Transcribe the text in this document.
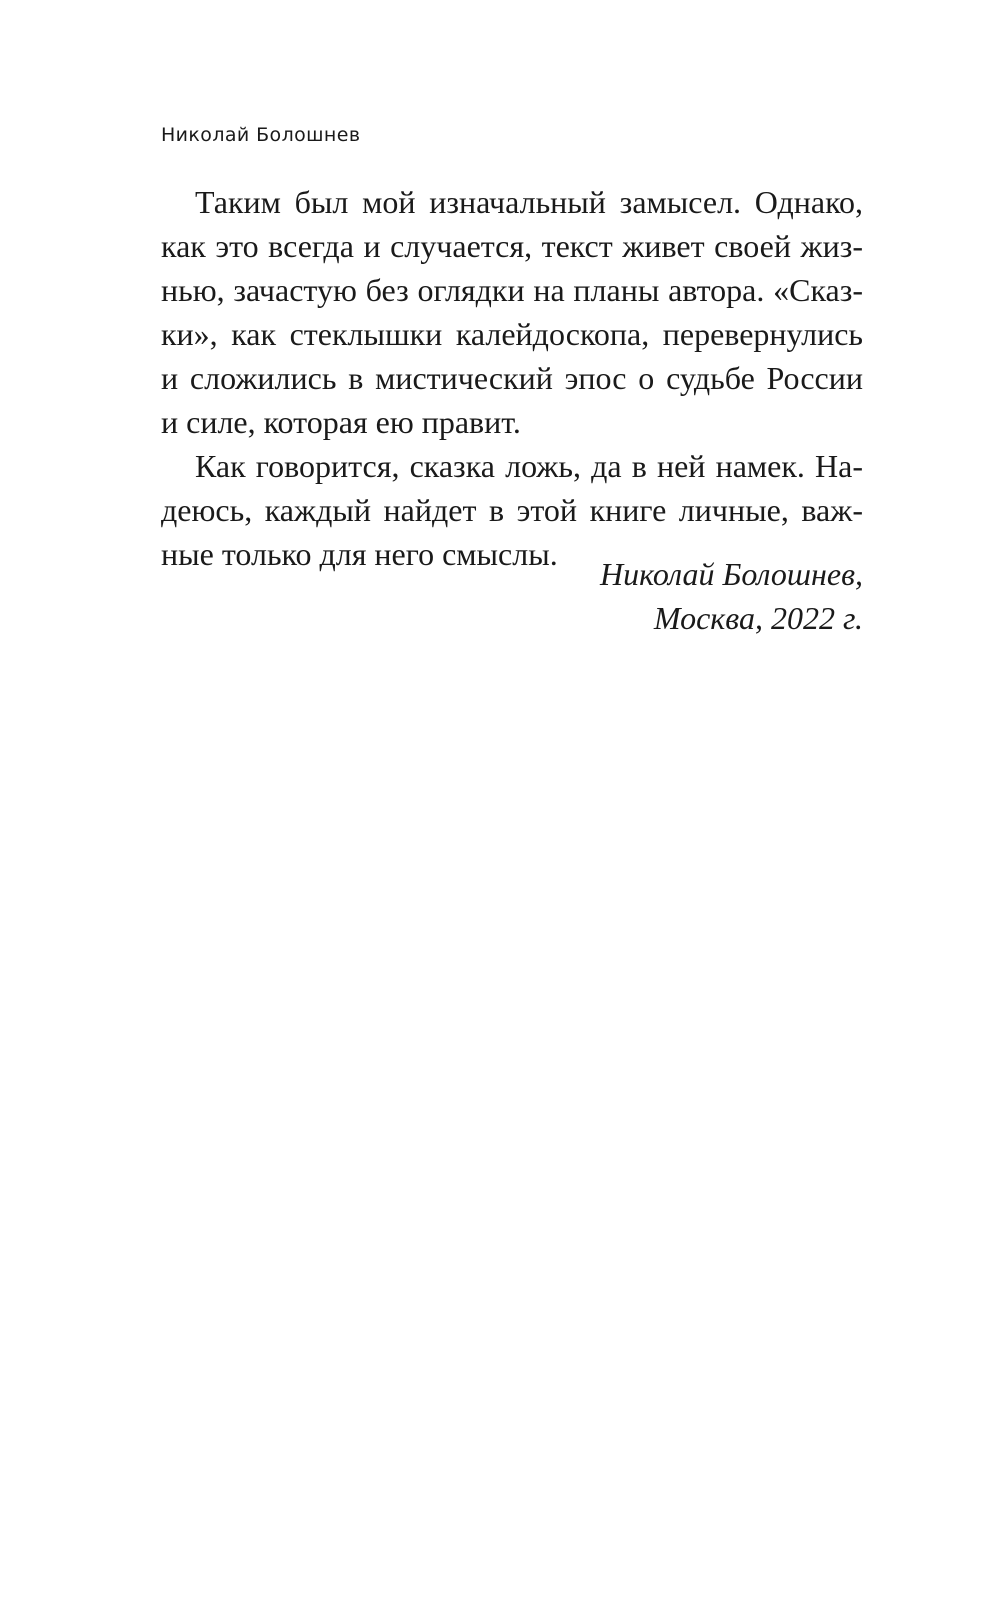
Николай Болошнев

Таким был мой изначальный замысел. Однако,
как это всегда и случается, текст живет своей жиз-
нью, зачастую без оглядки на планы автора. «Сказ-
ки», как стеклышки калейдоскопа, перевернулись
и сложились в мистический эпос о судьбе России
и силе, которая ею правит.

Как говорится, сказка ложь, да в ней намек. На-
деюсь, каждый найдет в этой книге личные, важ-
ные только для него смыслы.

Николай Болошнев,
Москва, 2022 г.
